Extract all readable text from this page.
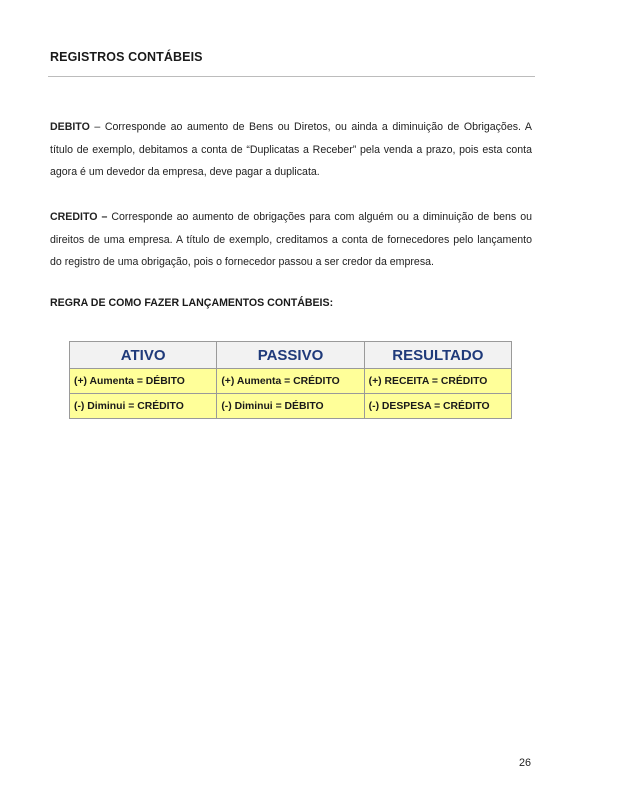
REGISTROS CONTÁBEIS

DEBITO – Corresponde ao aumento de Bens ou Diretos, ou ainda a diminuição de Obrigações. A título de exemplo, debitamos a conta de “Duplicatas a Receber” pela venda a prazo, pois esta conta agora é um devedor da empresa, deve pagar a duplicata.

CREDITO – Corresponde ao aumento de obrigações para com alguém ou a diminuição de bens ou direitos de uma empresa. A título de exemplo, creditamos a conta de fornecedores pelo lançamento do registro de uma obrigação, pois o fornecedor passou a ser credor da empresa.

REGRA DE COMO FAZER LANÇAMENTOS CONTÁBEIS:
ATIVO	PASSIVO	RESULTADO
(+) Aumenta = DÉBITO	(+) Aumenta = CRÉDITO	(+) RECEITA = CRÉDITO
(-) Diminui = CRÉDITO	(-) Diminui = DÉBITO	(-) DESPESA = CRÉDITO
26
